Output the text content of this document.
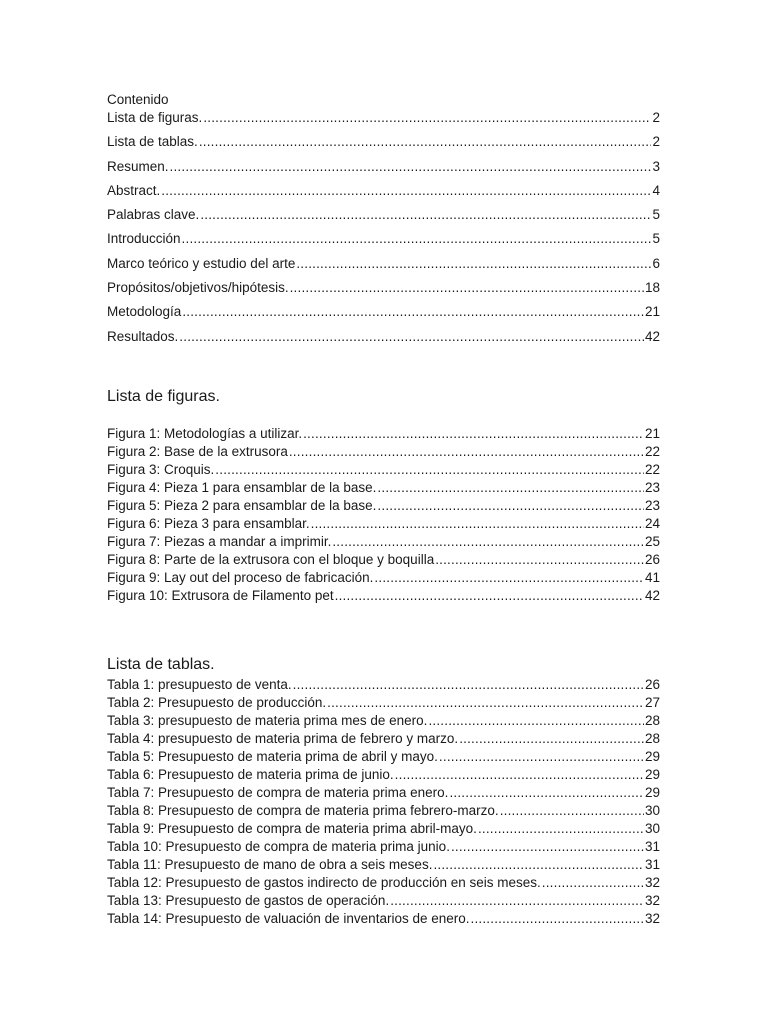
Contenido
Lista de figuras. .....	2
Lista de tablas. .....	2
Resumen. .....	3
Abstract. .....	4
Palabras clave. .....	5
Introducción .....	5
Marco teórico y estudio del arte .....	6
Propósitos/objetivos/hipótesis. .....	18
Metodología .....	21
Resultados. .....	42
Lista de figuras.
Figura 1: Metodologías a utilizar. .....	21
Figura 2: Base de la extrusora .....	22
Figura 3: Croquis. .....	22
Figura 4: Pieza 1 para ensamblar de la base. .....	23
Figura 5: Pieza 2 para ensamblar de la base. .....	23
Figura 6: Pieza 3 para ensamblar. .....	24
Figura 7: Piezas a mandar a imprimir. .....	25
Figura 8: Parte de la extrusora con el bloque y boquilla .....	26
Figura 9: Lay out del proceso de fabricación. .....	41
Figura 10: Extrusora de Filamento pet .....	42
Lista de tablas.
Tabla 1: presupuesto de venta. .....	26
Tabla 2: Presupuesto de producción. .....	27
Tabla 3: presupuesto de materia prima mes de enero. .....	28
Tabla 4: presupuesto de materia prima de febrero y marzo. .....	28
Tabla 5: Presupuesto de materia prima de abril y mayo. .....	29
Tabla 6: Presupuesto de materia prima de junio. .....	29
Tabla 7: Presupuesto de compra de materia prima enero. .....	29
Tabla 8: Presupuesto de compra de materia prima febrero-marzo. .....	30
Tabla 9: Presupuesto de compra de materia prima abril-mayo. .....	30
Tabla 10: Presupuesto de compra de materia prima junio. .....	31
Tabla 11: Presupuesto de mano de obra a seis meses. .....	31
Tabla 12: Presupuesto de gastos indirecto de producción en seis meses. .....	32
Tabla 13: Presupuesto de gastos de operación. .....	32
Tabla 14: Presupuesto de valuación de inventarios de enero. .....	32
